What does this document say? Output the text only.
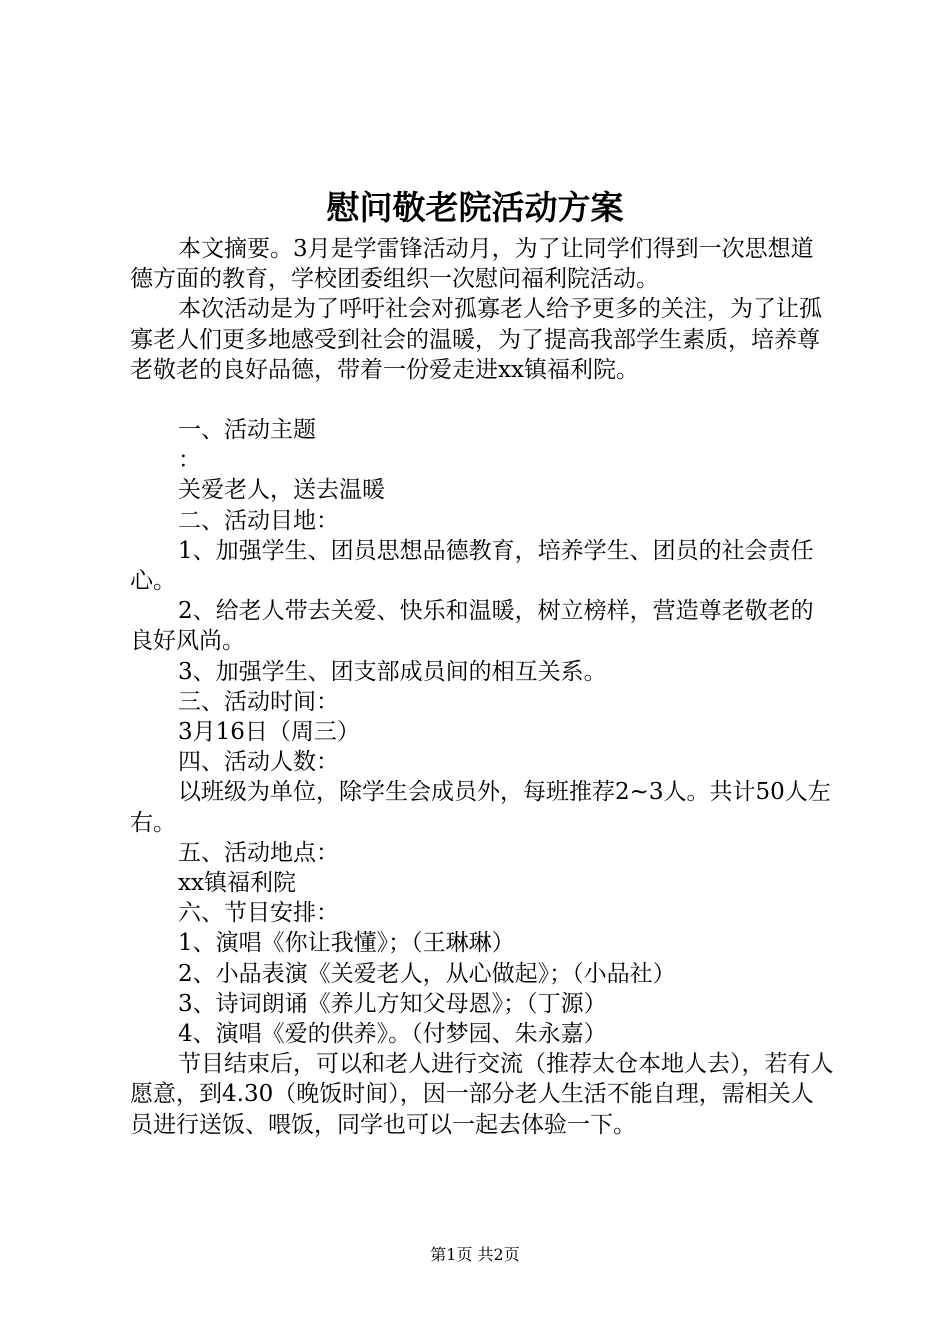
慰问敬老院活动方案

本文摘要。3月是学雷锋活动月，为了让同学们得到一次思想道德方面的教育，学校团委组织一次慰问福利院活动。

本次活动是为了呼吁社会对孤寡老人给予更多的关注，为了让孤寡老人们更多地感受到社会的温暖，为了提高我部学生素质，培养尊老敬老的良好品德，带着一份爱走进xx镇福利院。

一、活动主题

：

关爱老人，送去温暖

二、活动目地：

1、加强学生、团员思想品德教育，培养学生、团员的社会责任心。

2、给老人带去关爱、快乐和温暖，树立榜样，营造尊老敬老的良好风尚。

3、加强学生、团支部成员间的相互关系。

三、活动时间：

3月16日（周三）

四、活动人数：

以班级为单位，除学生会成员外，每班推荐2~3人。共计50人左右。

五、活动地点：

xx镇福利院

六、节目安排：

1、演唱《你让我懂》；（王琳琳）

2、小品表演《关爱老人，从心做起》；（小品社）

3、诗词朗诵《养儿方知父母恩》；（丁源）

4、演唱《爱的供养》。（付梦园、朱永嘉）

节目结束后，可以和老人进行交流（推荐太仓本地人去），若有人愿意，到4.30（晚饭时间），因一部分老人生活不能自理，需相关人员进行送饭、喂饭，同学也可以一起去体验一下。

第1页 共2页
